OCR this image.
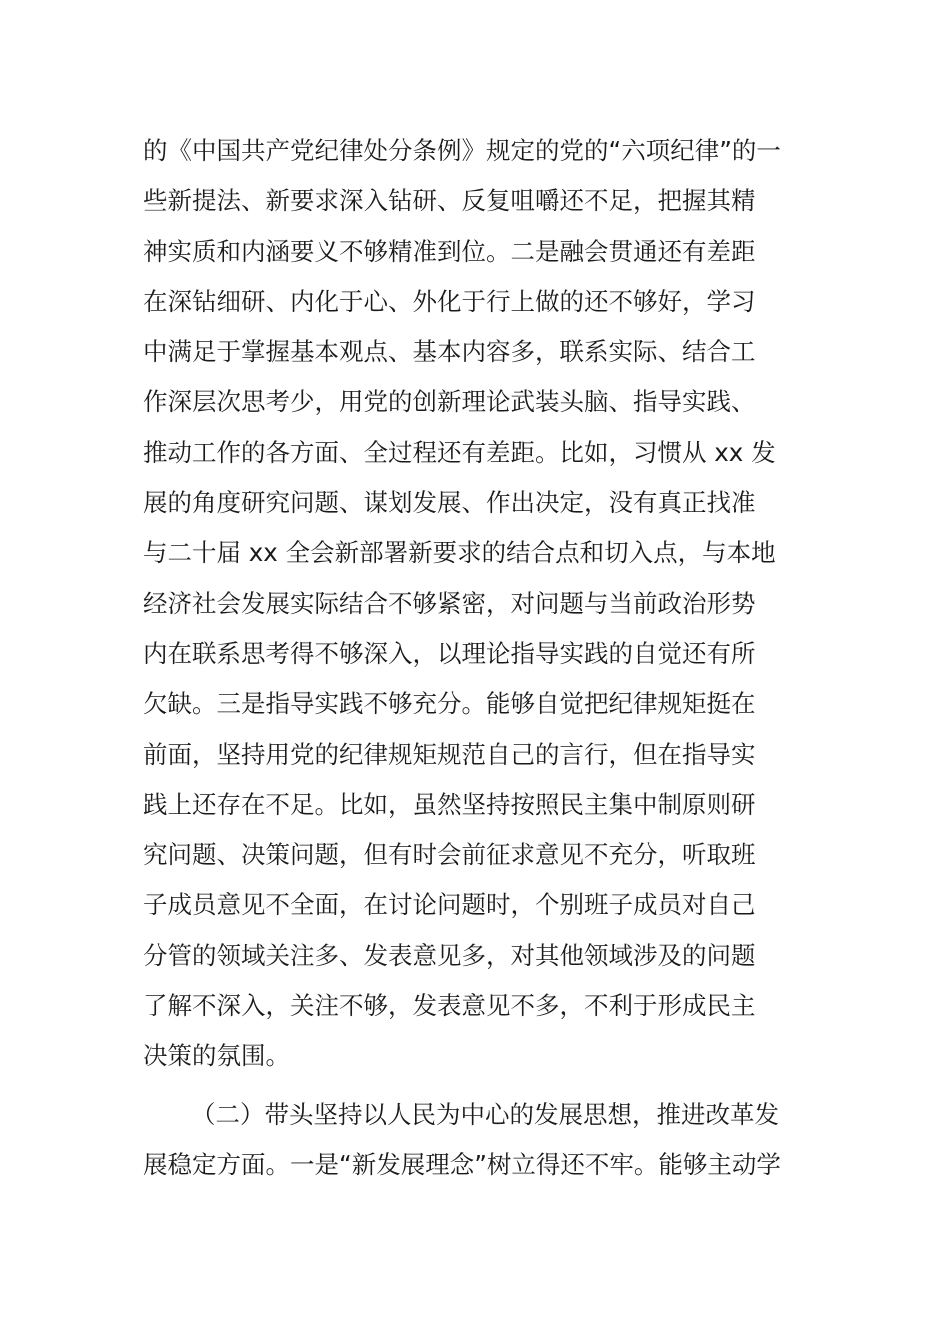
的《中国共产党纪律处分条例》规定的党的“六项纪律”的一
些新提法、新要求深入钻研、反复咀嚼还不足，把握其精
神实质和内涵要义不够精准到位。二是融会贯通还有差距
在深钻细研、内化于心、外化于行上做的还不够好，学习
中满足于掌握基本观点、基本内容多，联系实际、结合工
作深层次思考少，用党的创新理论武装头脑、指导实践、
推动工作的各方面、全过程还有差距。比如，习惯从 xx 发
展的角度研究问题、谋划发展、作出决定，没有真正找准
与二十届 xx 全会新部署新要求的结合点和切入点，与本地
经济社会发展实际结合不够紧密，对问题与当前政治形势
内在联系思考得不够深入，以理论指导实践的自觉还有所
欠缺。三是指导实践不够充分。能够自觉把纪律规矩挺在
前面，坚持用党的纪律规矩规范自己的言行，但在指导实
践上还存在不足。比如，虽然坚持按照民主集中制原则研
究问题、决策问题，但有时会前征求意见不充分，听取班
子成员意见不全面，在讨论问题时，个别班子成员对自己
分管的领域关注多、发表意见多，对其他领域涉及的问题
了解不深入，关注不够，发表意见不多，不利于形成民主
决策的氛围。
（二）带头坚持以人民为中心的发展思想，推进改革发
展稳定方面。一是“新发展理念”树立得还不牢。能够主动学
